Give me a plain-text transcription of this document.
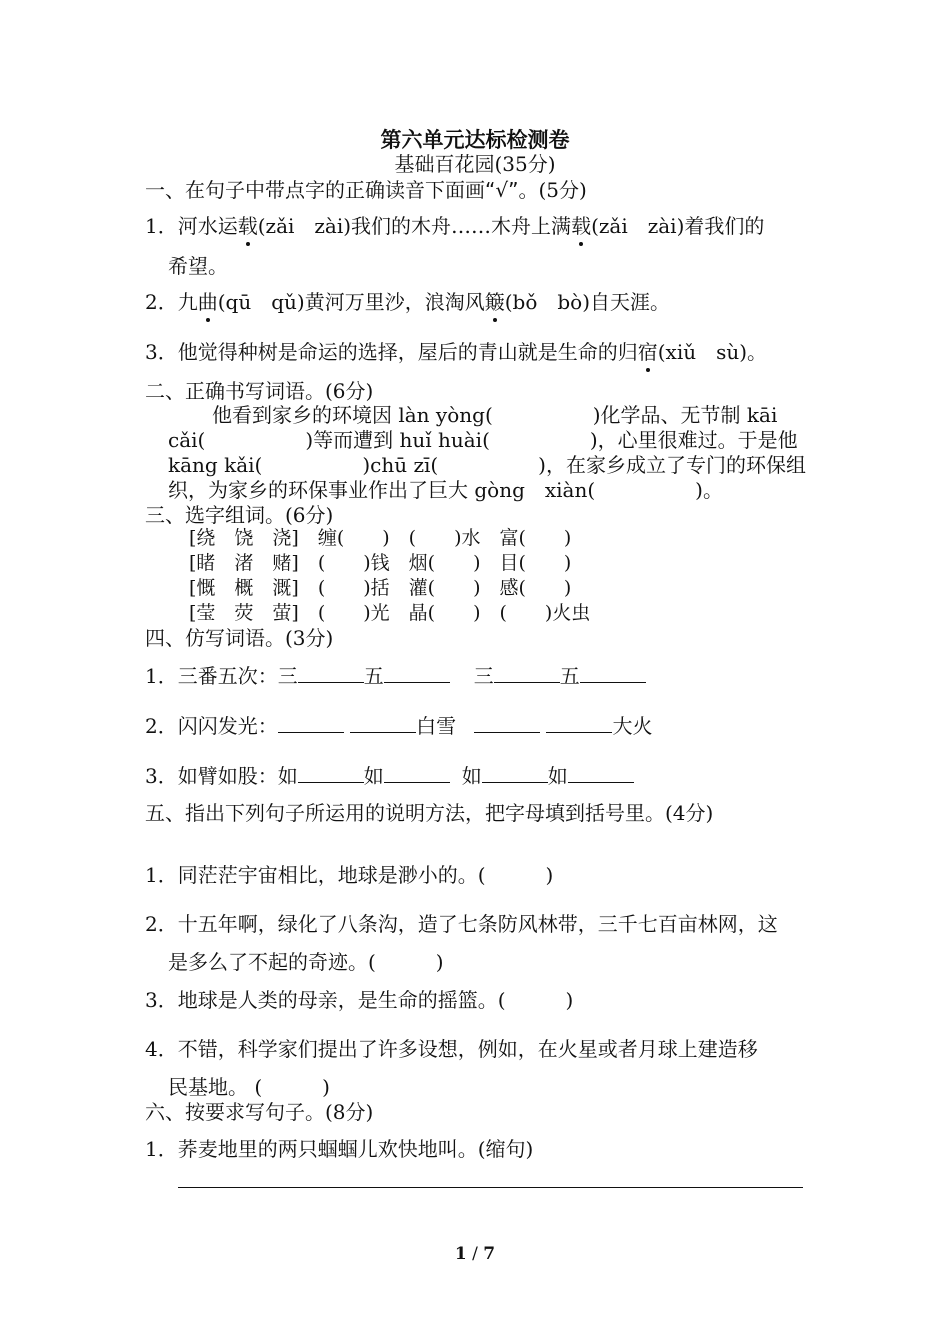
第六单元达标检测卷
基础百花园(35分)
一、在句子中带点字的正确读音下面画“√”。(5分)
1．河水运载(zǎi　zài)我们的木舟……木舟上满载(zǎi　zài)着我们的
希望。
2．九曲(qū　qǔ)黄河万里沙，浪淘风簸(bǒ　bò)自天涯。
3．他觉得种树是命运的选择，屋后的青山就是生命的归宿(xiǔ　sù)。
二、正确书写词语。(6分)
他看到家乡的环境因 làn yòng(　　　　　)化学品、无节制 kāi
cǎi(　　　　　)等而遭到 huǐ huài(　　　　　)，心里很难过。于是他
kāng kǎi(　　　　　)chū zī(　　　　　)，在家乡成立了专门的环保组
织，为家乡的环保事业作出了巨大 gòng　xiàn(　　　　　)。
三、选字组词。(6分)
[绕　饶　浇]　缠(　　)　(　　)水　富(　　)
[睹　渚　赌]　(　　)钱　烟(　　)　目(　　)
[慨　概　溉]　(　　)括　灌(　　)　感(　　)
[莹　荧　萤]　(　　)光　晶(　　)　(　　)火虫
四、仿写词语。(3分)
1．三番五次：三	五	三	五
2．闪闪发光：	白雪	大火
3．如臂如股：如	如	如	如
五、指出下列句子所运用的说明方法，把字母填到括号里。(4分)
1．同茫茫宇宙相比，地球是渺小的。(　　　)
2．十五年啊，绿化了八条沟，造了七条防风林带，三千七百亩林网，这
是多么了不起的奇迹。(　　　)
3．地球是人类的母亲，是生命的摇篮。(　　　)
4．不错，科学家们提出了许多设想，例如，在火星或者月球上建造移
民基地。 (　　　)
六、按要求写句子。(8分)
1．荞麦地里的两只蝈蝈儿欢快地叫。(缩句)
1 / 7
